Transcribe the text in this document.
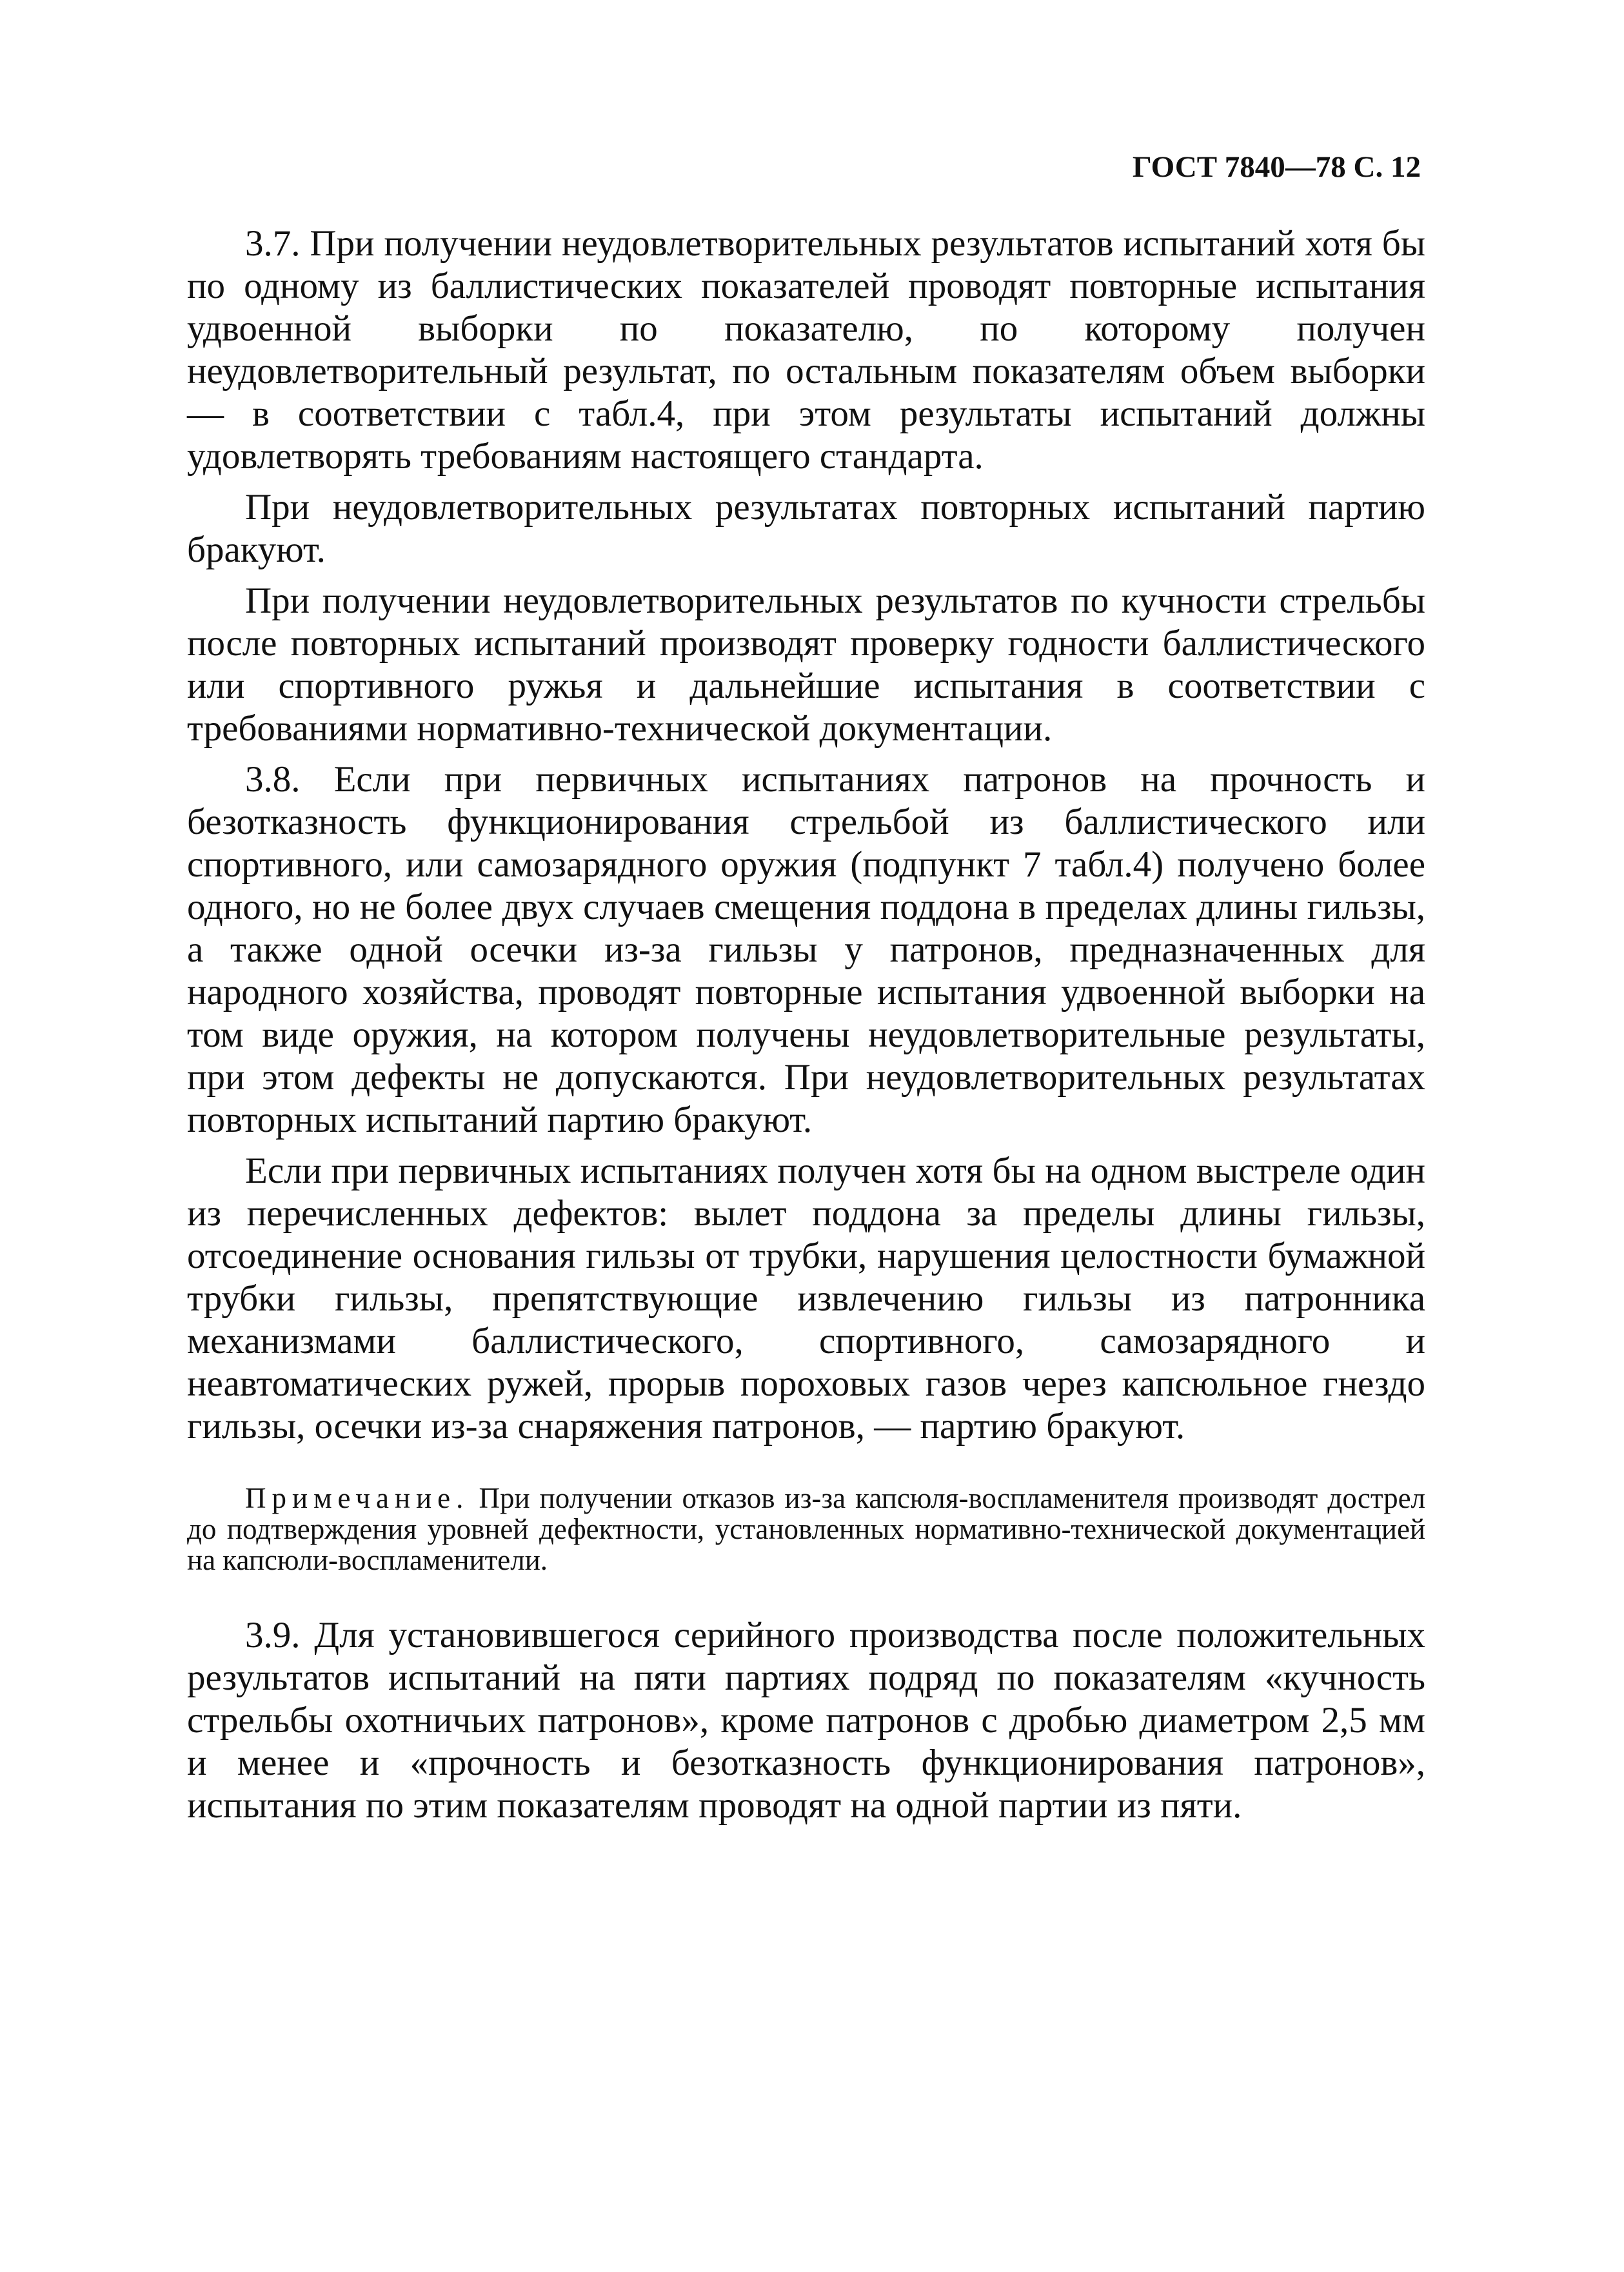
ГОСТ 7840—78 С. 12

3.7. При получении неудовлетворительных результатов испытаний хотя бы по одному из баллистических показателей проводят повторные испытания удвоенной выборки по показателю, по которому получен неудовлетворительный результат, по остальным показателям объем выборки — в соответствии с табл.4, при этом результаты испытаний должны удовлетворять требованиям настоящего стандарта.

При неудовлетворительных результатах повторных испытаний партию бракуют.

При получении неудовлетворительных результатов по кучности стрельбы после повторных испытаний производят проверку годности баллистического или спортивного ружья и дальнейшие испытания в соответствии с требованиями нормативно-технической документации.

3.8. Если при первичных испытаниях патронов на прочность и безотказность функционирования стрельбой из баллистического или спортивного, или самозарядного оружия (подпункт 7 табл.4) получено более одного, но не более двух случаев смещения поддона в пределах длины гильзы, а также одной осечки из-за гильзы у патронов, предназначенных для народного хозяйства, проводят повторные испытания удвоенной выборки на том виде оружия, на котором получены неудовлетворительные результаты, при этом дефекты не допускаются. При неудовлетворительных результатах повторных испытаний партию бракуют.

Если при первичных испытаниях получен хотя бы на одном выстреле один из перечисленных дефектов: вылет поддона за пределы длины гильзы, отсоединение основания гильзы от трубки, нарушения целостности бумажной трубки гильзы, препятствующие извлечению гильзы из патронника механизмами баллистического, спортивного, самозарядного и неавтоматических ружей, прорыв пороховых газов через капсюльное гнездо гильзы, осечки из-за снаряжения патронов, — партию бракуют.

Примечание. При получении отказов из-за капсюля-воспламенителя производят дострел до подтверждения уровней дефектности, установленных нормативно-технической документацией на капсюли-воспламенители.

3.9. Для установившегося серийного производства после положительных результатов испытаний на пяти партиях подряд по показателям «кучность стрельбы охотничьих патронов», кроме патронов с дробью диаметром 2,5 мм и менее и «прочность и безотказность функционирования патронов», испытания по этим показателям проводят на одной партии из пяти.
